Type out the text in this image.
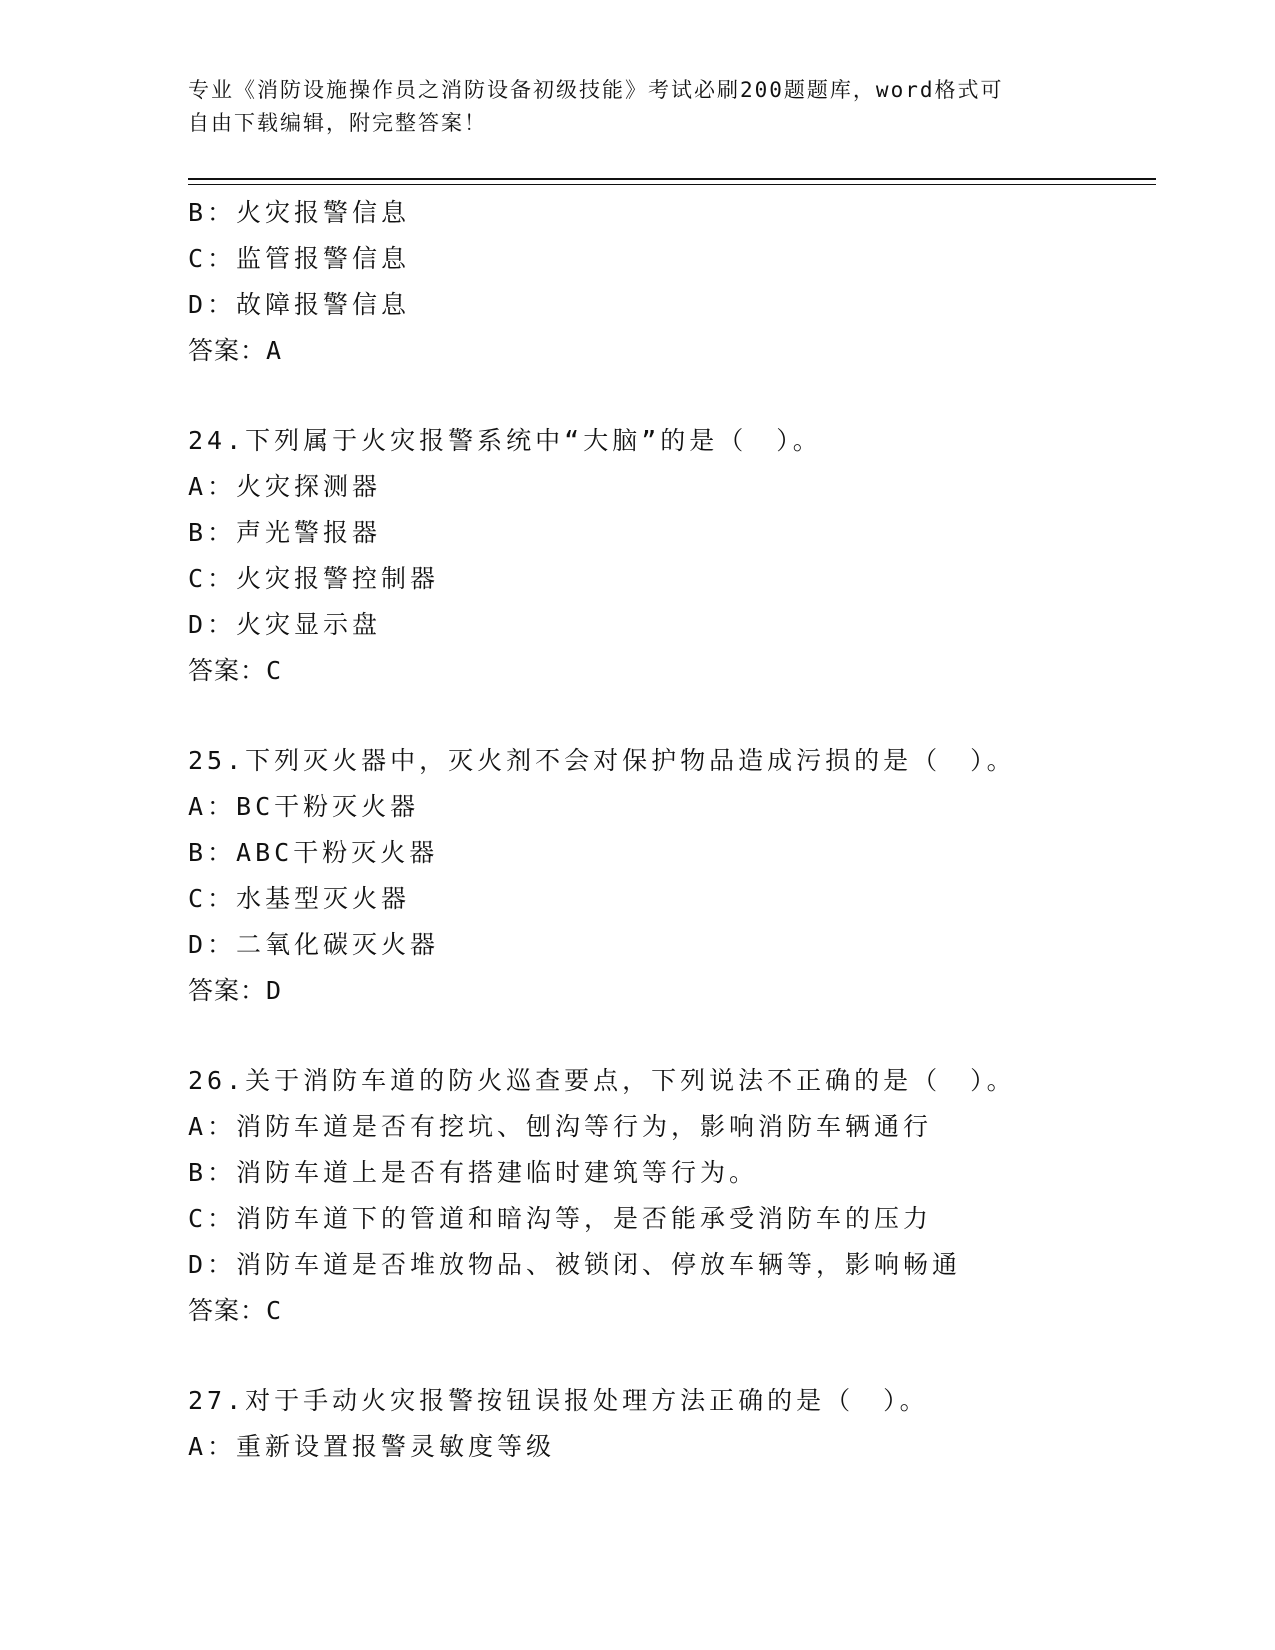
专业《消防设施操作员之消防设备初级技能》考试必刷200题题库，word格式可
自由下载编辑，附完整答案！
B：火灾报警信息
C：监管报警信息
D：故障报警信息
答案：A
24.下列属于火灾报警系统中“大脑”的是（　）。
A：火灾探测器
B：声光警报器
C：火灾报警控制器
D：火灾显示盘
答案：C
25.下列灭火器中，灭火剂不会对保护物品造成污损的是（　）。
A：BC干粉灭火器
B：ABC干粉灭火器
C：水基型灭火器
D：二氧化碳灭火器
答案：D
26.关于消防车道的防火巡查要点，下列说法不正确的是（　）。
A：消防车道是否有挖坑、刨沟等行为，影响消防车辆通行
B：消防车道上是否有搭建临时建筑等行为。
C：消防车道下的管道和暗沟等，是否能承受消防车的压力
D：消防车道是否堆放物品、被锁闭、停放车辆等，影响畅通
答案：C
27.对于手动火灾报警按钮误报处理方法正确的是（　）。
A：重新设置报警灵敏度等级
